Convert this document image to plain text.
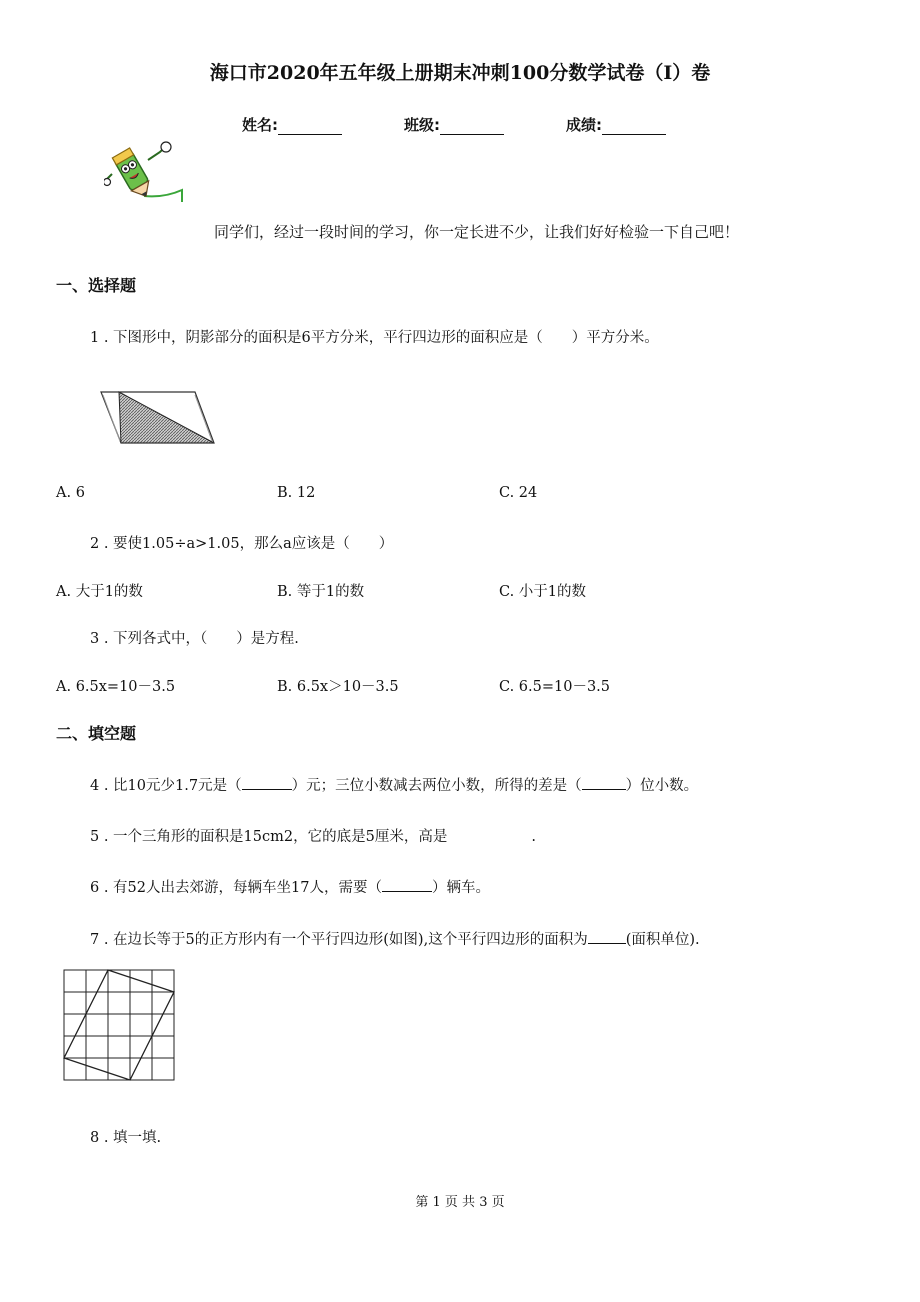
海口市2020年五年级上册期末冲刺100分数学试卷（I）卷
姓名:	班级:	成绩:
同学们，经过一段时间的学习，你一定长进不少，让我们好好检验一下自己吧！
一、选择题
1 . 下图形中，阴影部分的面积是6平方分米，平行四边形的面积应是（　　）平方分米。
A. 6	B. 12	C. 24
2 . 要使1.05÷a>1.05，那么a应该是（　　）
A. 大于1的数	B. 等于1的数	C. 小于1的数
3 . 下列各式中，（　　）是方程.
A. 6.5x=10－3.5	B. 6.5x＞10－3.5	C. 6.5=10－3.5
二、填空题
4 . 比10元少1.7元是（	）元；三位小数减去两位小数，所得的差是（	）位小数。
5 . 一个三角形的面积是15cm2，它的底是5厘米，高是	.
6 . 有52人出去郊游，每辆车坐17人，需要（	）辆车。
7 . 在边长等于5的正方形内有一个平行四边形(如图),这个平行四边形的面积为	(面积单位).
8 . 填一填.
第 1 页 共 3 页
